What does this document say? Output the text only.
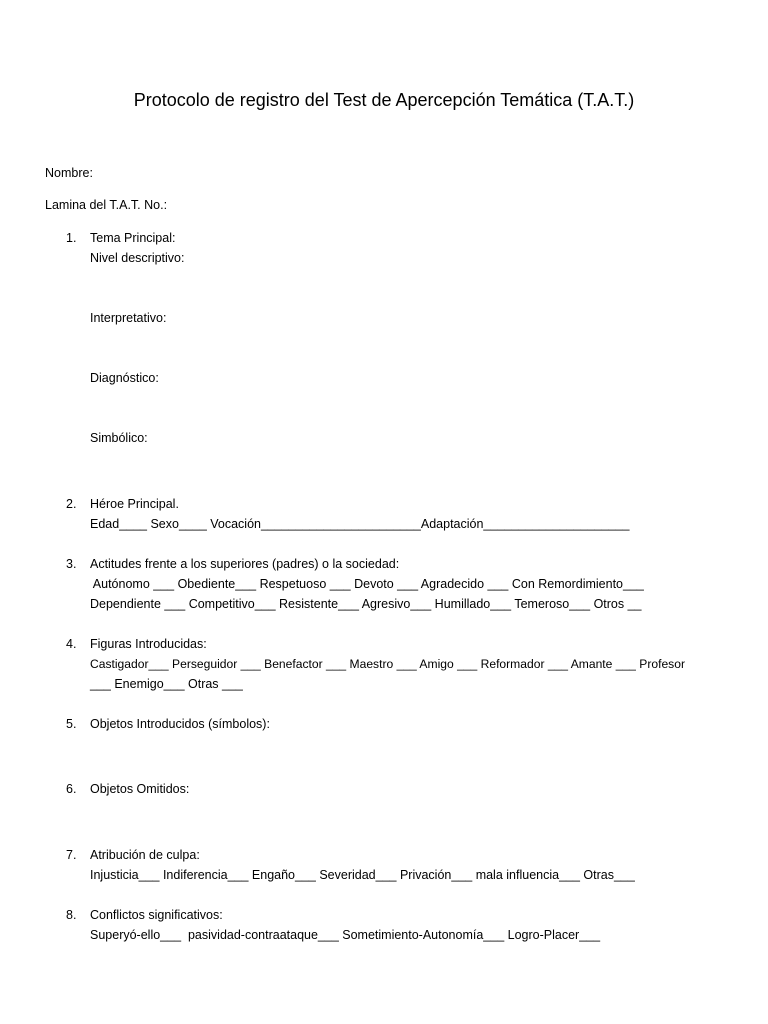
Protocolo de registro del Test de Apercepción Temática (T.A.T.)
Nombre:
Lamina del T.A.T. No.:
1. Tema Principal:
Nivel descriptivo:
Interpretativo:
Diagnóstico:
Simbólico:
2. Héroe Principal.
Edad____ Sexo____ Vocación_______________________Adaptación_____________________
3. Actitudes frente a los superiores (padres) o la sociedad:
Autónomo ___ Obediente___ Respetuoso ___ Devoto ___ Agradecido ___ Con Remordimiento___
Dependiente ___ Competitivo___ Resistente___ Agresivo___ Humillado___ Temeroso___ Otros __
4. Figuras Introducidas:
Castigador___ Perseguidor ___ Benefactor ___ Maestro ___ Amigo ___ Reformador ___ Amante ___ Profesor
___ Enemigo___ Otras ___
5. Objetos Introducidos (símbolos):
6. Objetos Omitidos:
7. Atribución de culpa:
Injusticia___ Indiferencia___ Engaño___ Severidad___ Privación___ mala influencia___ Otras___
8. Conflictos significativos:
Superyó-ello___  pasividad-contraataque___ Sometimiento-Autonomía___ Logro-Placer___
